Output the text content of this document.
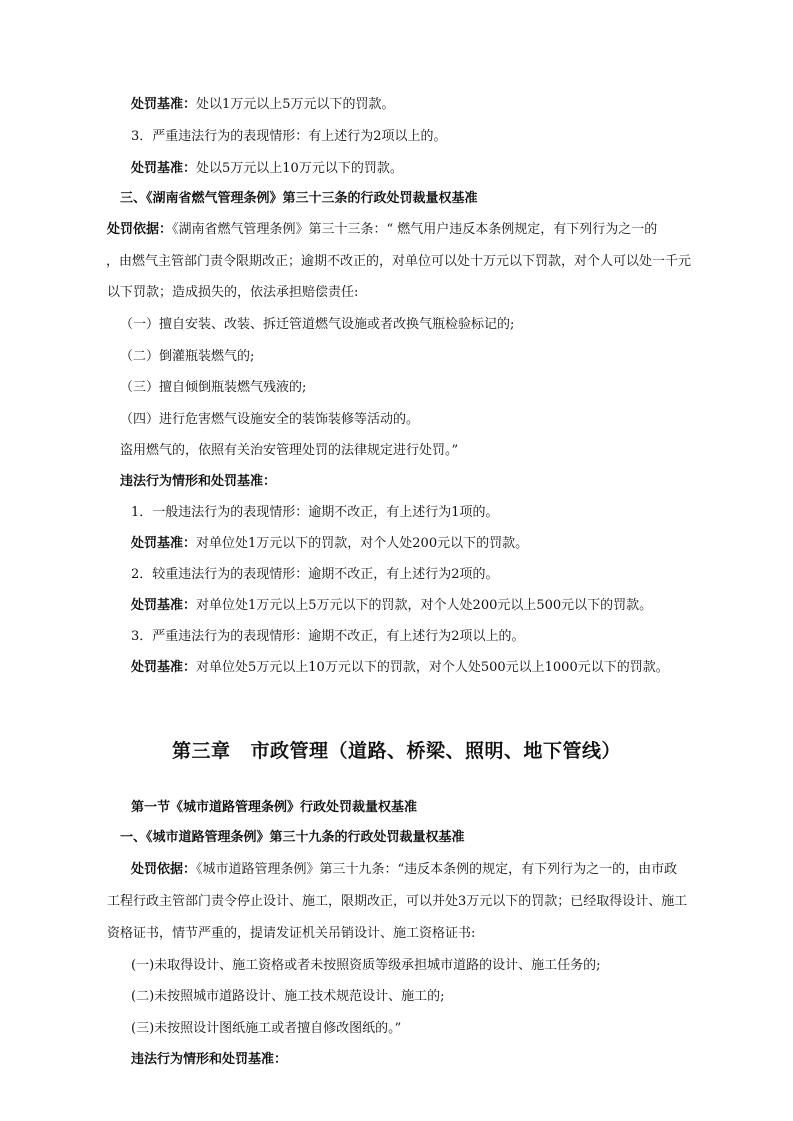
处罚基准：处以1万元以上5万元以下的罚款。
3．严重违法行为的表现情形：有上述行为2项以上的。
处罚基准：处以5万元以上10万元以下的罚款。
三、《湖南省燃气管理条例》第三十三条的行政处罚裁量权基准
处罚依据：《湖南省燃气管理条例》第三十三条：“ 燃气用户违反本条例规定，有下列行为之一的
，由燃气主管部门责令限期改正；逾期不改正的，对单位可以处十万元以下罚款，对个人可以处一千元
以下罚款；造成损失的，依法承担赔偿责任:
（一）擅自安装、改装、拆迁管道燃气设施或者改换气瓶检验标记的;
（二）倒灌瓶装燃气的;
（三）擅自倾倒瓶装燃气残液的;
（四）进行危害燃气设施安全的装饰装修等活动的。
盗用燃气的，依照有关治安管理处罚的法律规定进行处罚。”
违法行为情形和处罚基准：
1．一般违法行为的表现情形：逾期不改正，有上述行为1项的。
处罚基准：对单位处1万元以下的罚款，对个人处200元以下的罚款。
2．较重违法行为的表现情形：逾期不改正，有上述行为2项的。
处罚基准：对单位处1万元以上5万元以下的罚款，对个人处200元以上500元以下的罚款。
3．严重违法行为的表现情形：逾期不改正，有上述行为2项以上的。
处罚基准：对单位处5万元以上10万元以下的罚款，对个人处500元以上1000元以下的罚款。
第三章 市政管理（道路、桥梁、照明、地下管线）
第一节《城市道路管理条例》行政处罚裁量权基准
一、《城市道路管理条例》第三十九条的行政处罚裁量权基准
处罚依据：《城市道路管理条例》第三十九条：“违反本条例的规定，有下列行为之一的，由市政
工程行政主管部门责令停止设计、施工，限期改正，可以并处3万元以下的罚款；已经取得设计、施工
资格证书，情节严重的，提请发证机关吊销设计、施工资格证书:
(一)未取得设计、施工资格或者未按照资质等级承担城市道路的设计、施工任务的;
(二)未按照城市道路设计、施工技术规范设计、施工的;
(三)未按照设计图纸施工或者擅自修改图纸的。”
违法行为情形和处罚基准：
